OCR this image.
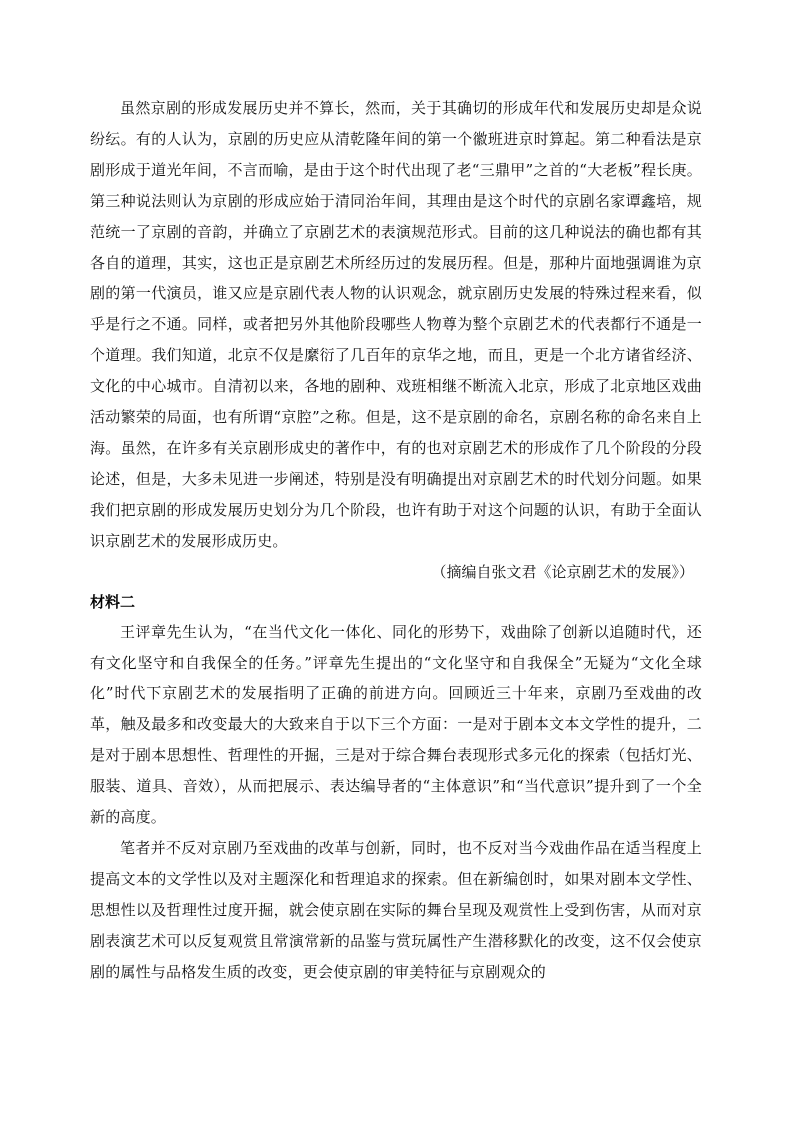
虽然京剧的形成发展历史并不算长，然而，关于其确切的形成年代和发展历史却是众说纷纭。有的人认为，京剧的历史应从清乾隆年间的第一个徽班进京时算起。第二种看法是京剧形成于道光年间，不言而喻，是由于这个时代出现了老“三鼎甲”之首的“大老板”程长庚。第三种说法则认为京剧的形成应始于清同治年间，其理由是这个时代的京剧名家谭鑫培，规范统一了京剧的音韵，并确立了京剧艺术的表演规范形式。目前的这几种说法的确也都有其各自的道理，其实，这也正是京剧艺术所经历过的发展历程。但是，那种片面地强调谁为京剧的第一代演员，谁又应是京剧代表人物的认识观念，就京剧历史发展的特殊过程来看，似乎是行之不通。同样，或者把另外其他阶段哪些人物尊为整个京剧艺术的代表都行不通是一个道理。我们知道，北京不仅是縻衍了几百年的京华之地，而且，更是一个北方诸省经济、文化的中心城市。自清初以来，各地的剧种、戏班相继不断流入北京，形成了北京地区戏曲活动繁荣的局面，也有所谓“京腔”之称。但是，这不是京剧的命名，京剧名称的命名来自上海。虽然，在许多有关京剧形成史的著作中，有的也对京剧艺术的形成作了几个阶段的分段论述，但是，大多未见进一步阐述，特别是没有明确提出对京剧艺术的时代划分问题。如果我们把京剧的形成发展历史划分为几个阶段，也许有助于对这个问题的认识，有助于全面认识京剧艺术的发展形成历史。

（摘编自张文君《论京剧艺术的发展》）

材料二

王评章先生认为，“在当代文化一体化、同化的形势下，戏曲除了创新以追随时代，还有文化坚守和自我保全的任务。”评章先生提出的“文化坚守和自我保全”无疑为“文化全球化”时代下京剧艺术的发展指明了正确的前进方向。回顾近三十年来，京剧乃至戏曲的改革，触及最多和改变最大的大致来自于以下三个方面：一是对于剧本文本文学性的提升，二是对于剧本思想性、哲理性的开掘，三是对于综合舞台表现形式多元化的探索（包括灯光、服装、道具、音效），从而把展示、表达编导者的“主体意识”和“当代意识”提升到了一个全新的高度。

笔者并不反对京剧乃至戏曲的改革与创新，同时，也不反对当今戏曲作品在适当程度上提高文本的文学性以及对主题深化和哲理追求的探索。但在新编创时，如果对剧本文学性、思想性以及哲理性过度开掘，就会使京剧在实际的舞台呈现及观赏性上受到伤害，从而对京剧表演艺术可以反复观赏且常演常新的品鉴与赏玩属性产生潜移默化的改变，这不仅会使京剧的属性与品格发生质的改变，更会使京剧的审美特征与京剧观众的
